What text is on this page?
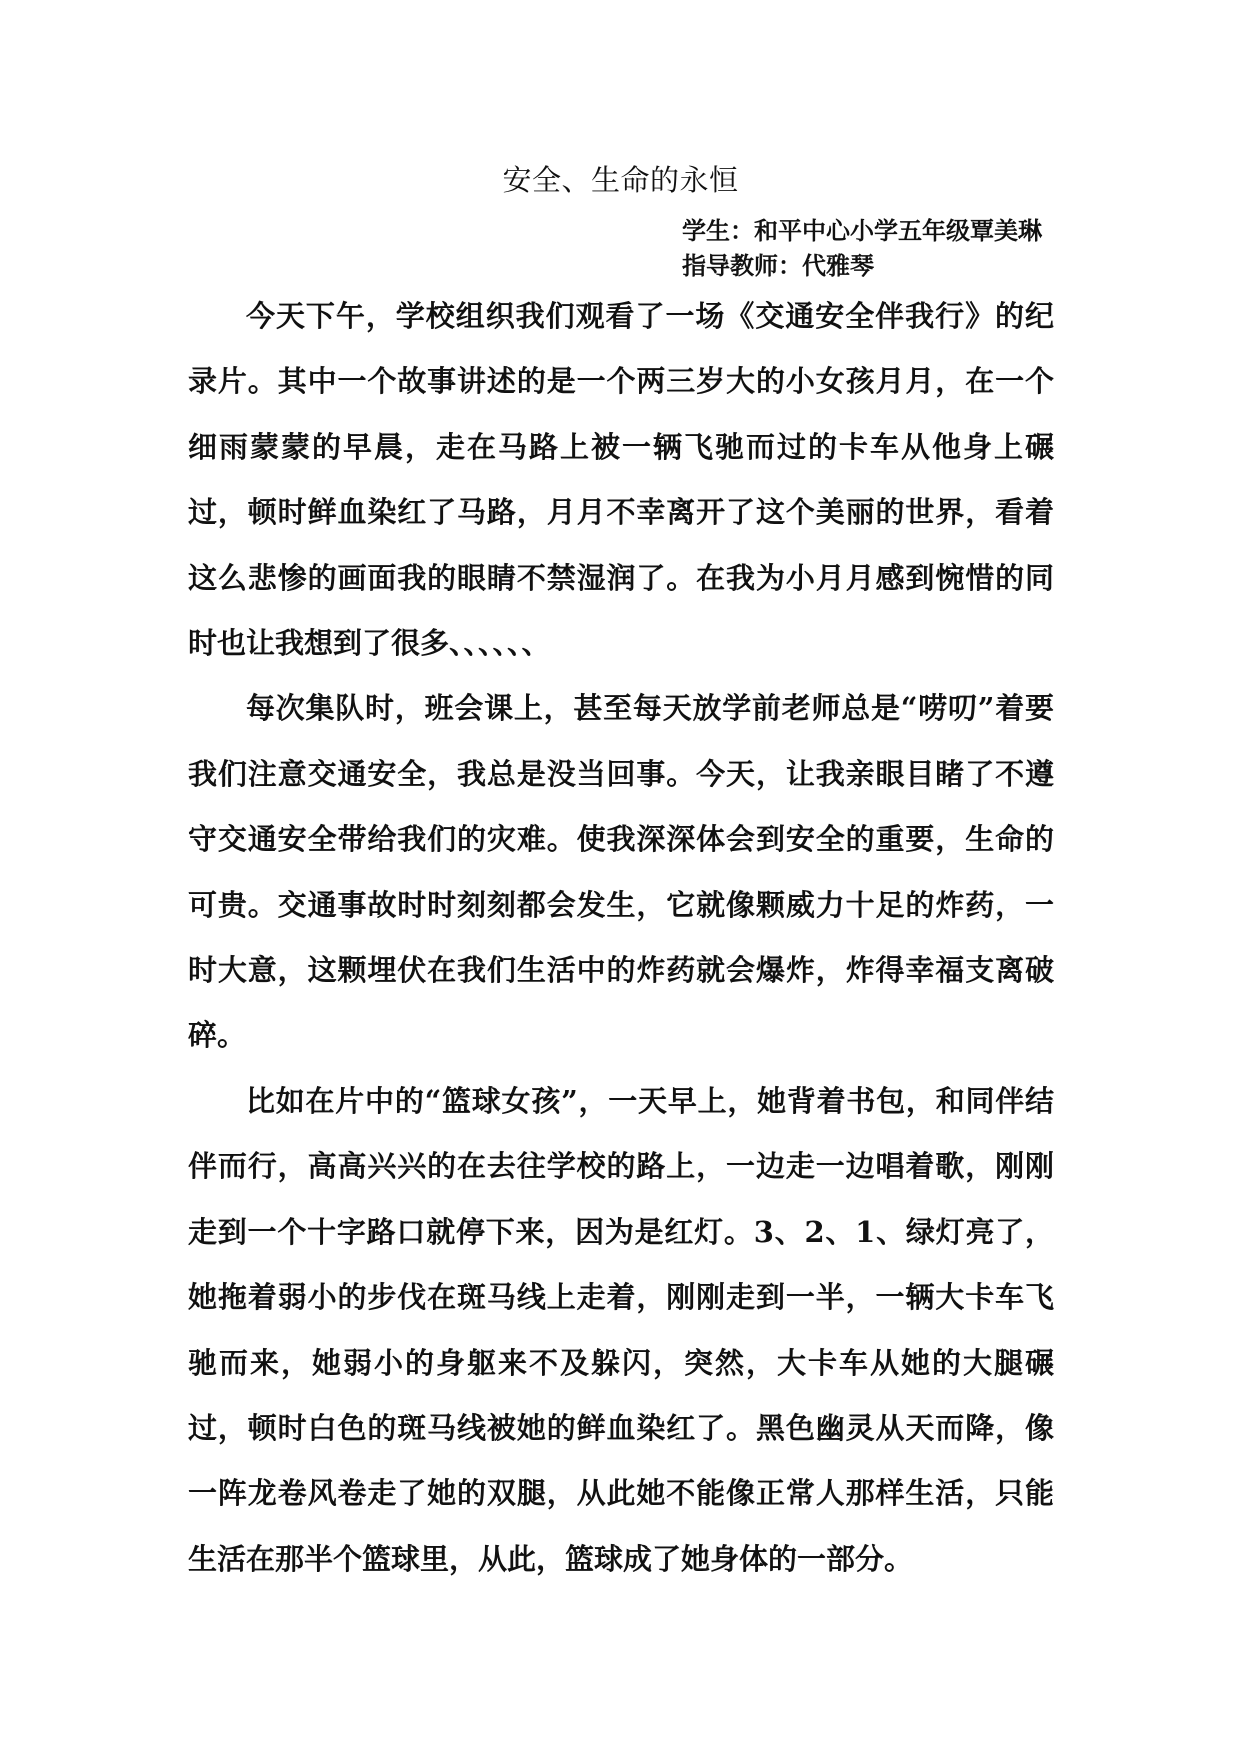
安全、生命的永恒
学生：和平中心小学五年级覃美琳
指导教师：代雅琴

今天下午，学校组织我们观看了一场《交通安全伴我行》的纪录片。其中一个故事讲述的是一个两三岁大的小女孩月月，在一个细雨蒙蒙的早晨，走在马路上被一辆飞驰而过的卡车从他身上碾过，顿时鲜血染红了马路，月月不幸离开了这个美丽的世界，看着这么悲惨的画面我的眼睛不禁湿润了。在我为小月月感到惋惜的同时也让我想到了很多、、、、、、

每次集队时，班会课上，甚至每天放学前老师总是“唠叨”着要我们注意交通安全，我总是没当回事。今天，让我亲眼目睹了不遵守交通安全带给我们的灾难。使我深深体会到安全的重要，生命的可贵。交通事故时时刻刻都会发生，它就像颗威力十足的炸药，一时大意，这颗埋伏在我们生活中的炸药就会爆炸，炸得幸福支离破碎。

比如在片中的“篮球女孩”，一天早上，她背着书包，和同伴结伴而行，高高兴兴的在去往学校的路上，一边走一边唱着歌，刚刚走到一个十字路口就停下来，因为是红灯。3、2、1、绿灯亮了，她拖着弱小的步伐在斑马线上走着，刚刚走到一半，一辆大卡车飞驰而来，她弱小的身躯来不及躲闪，突然，大卡车从她的大腿碾过，顿时白色的斑马线被她的鲜血染红了。黑色幽灵从天而降，像一阵龙卷风卷走了她的双腿，从此她不能像正常人那样生活，只能生活在那半个篮球里，从此，篮球成了她身体的一部分。
